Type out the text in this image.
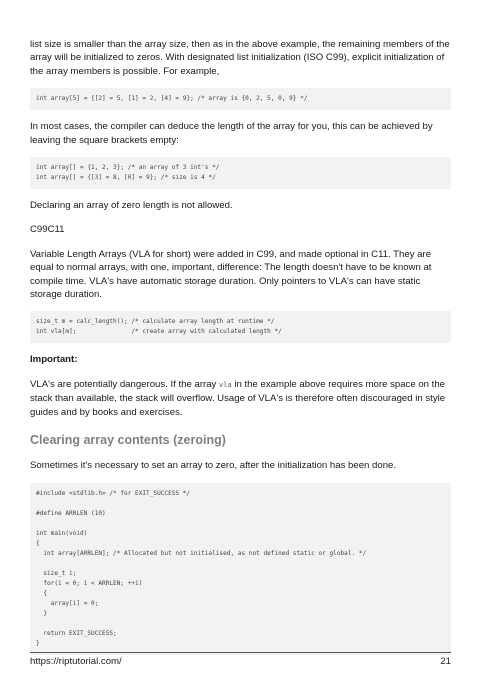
list size is smaller than the array size, then as in the above example, the remaining members of the array will be initialized to zeros. With designated list initialization (ISO C99), explicit initialization of the array members is possible. For example,

int array[5] = {[2] = 5, [1] = 2, [4] = 9}; /* array is {0, 2, 5, 0, 9} */

In most cases, the compiler can deduce the length of the array for you, this can be achieved by leaving the square brackets empty:

int array[] = {1, 2, 3}; /* an array of 3 int's */
int array[] = {[3] = 8, [0] = 9}; /* size is 4 */

Declaring an array of zero length is not allowed.

C99C11

Variable Length Arrays (VLA for short) were added in C99, and made optional in C11. They are equal to normal arrays, with one, important, difference: The length doesn't have to be known at compile time. VLA's have automatic storage duration. Only pointers to VLA's can have static storage duration.

size_t m = calc_length(); /* calculate array length at runtime */
int vla[m];               /* create array with calculated length */

Important:

VLA's are potentially dangerous. If the array vla in the example above requires more space on the stack than available, the stack will overflow. Usage of VLA's is therefore often discouraged in style guides and by books and exercises.

Clearing array contents (zeroing)

Sometimes it's necessary to set an array to zero, after the initialization has been done.

#include <stdlib.h> /* for EXIT_SUCCESS */

#define ARRLEN (10)

int main(void)
{
int array[ARRLEN]; /* Allocated but not initialised, as not defined static or global. */

size_t i;
for(i = 0; i < ARRLEN; ++i)
{
array[i] = 0;
}

return EXIT_SUCCESS;
}
https://riptutorial.com/	21
